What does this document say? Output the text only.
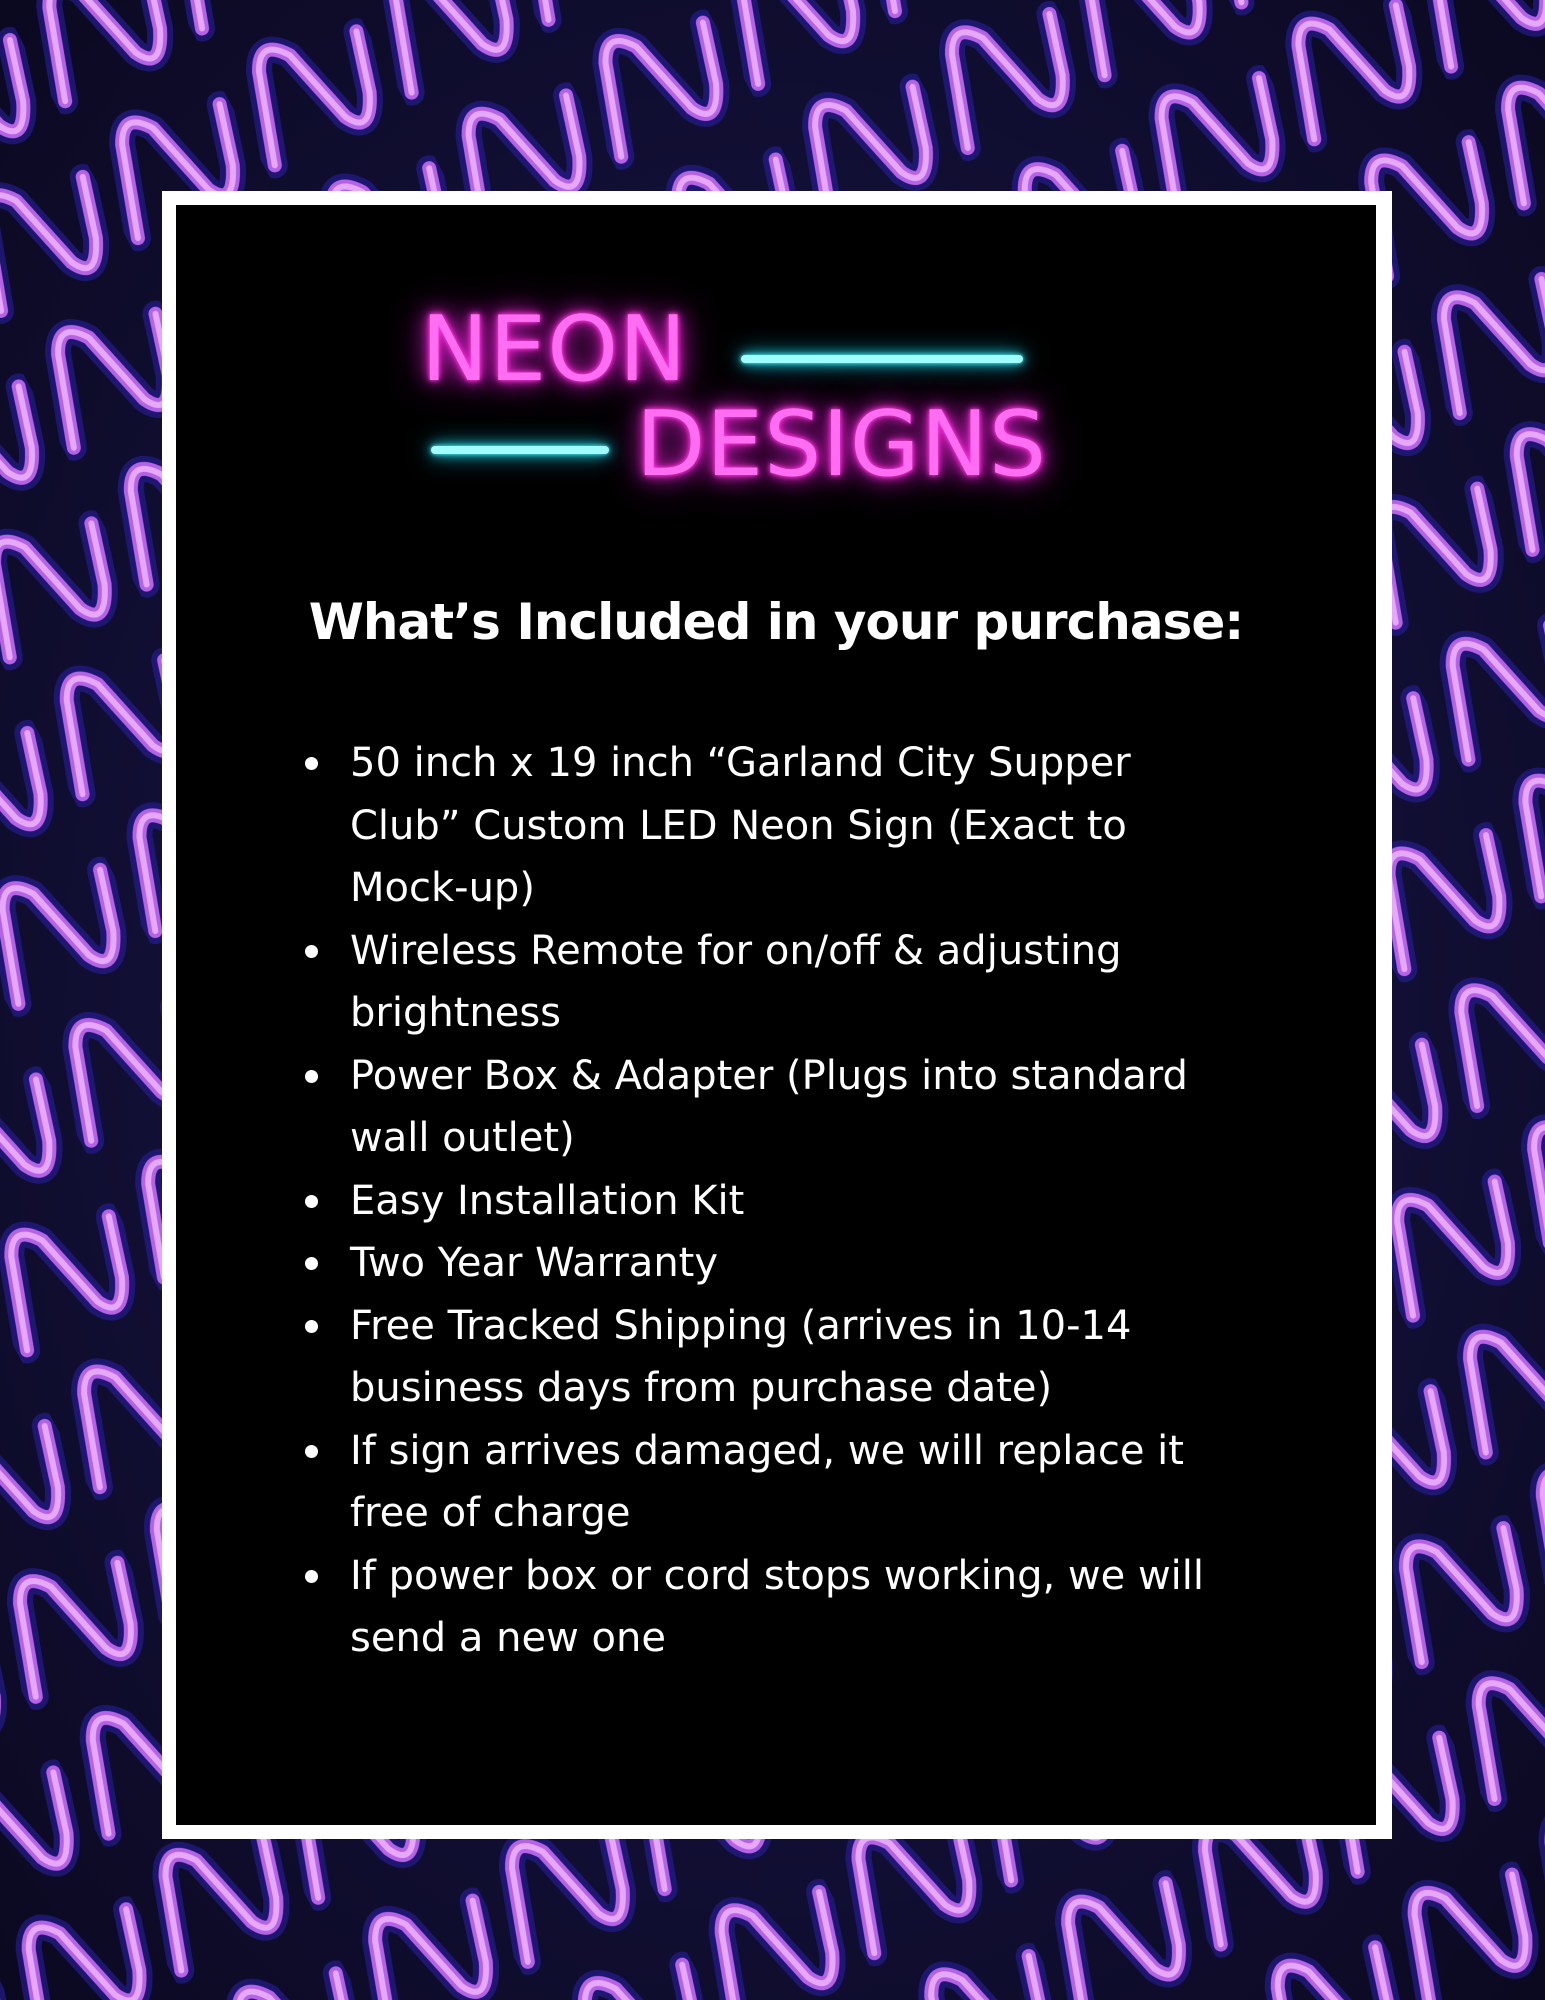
NEON
DESIGNS
What’s Included in your purchase:
50 inch x 19 inch “Garland City Supper
Club” Custom LED Neon Sign (Exact to
Mock-up)
Wireless Remote for on/off & adjusting
brightness
Power Box & Adapter (Plugs into standard
wall outlet)
Easy Installation Kit
Two Year Warranty
Free Tracked Shipping (arrives in 10-14
business days from purchase date)
If sign arrives damaged, we will replace it
free of charge
If power box or cord stops working, we will
send a new one
